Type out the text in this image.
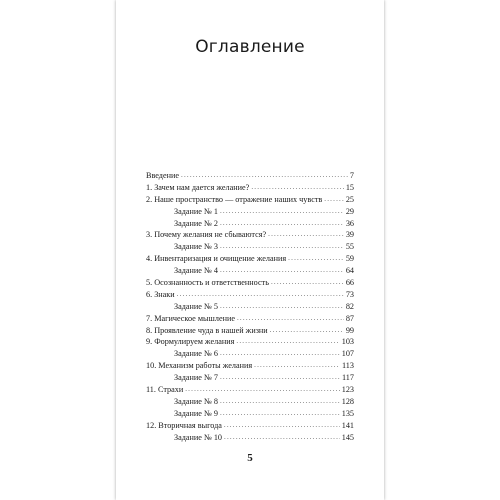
Оглавление
Введение .....	7
1. Зачем нам дается желание? .....	15
2. Наше пространство — отражение наших чувств .....	25
Задание № 1 .....	29
Задание № 2 .....	36
3. Почему желания не сбываются? .....	39
Задание № 3 .....	55
4. Инвентаризация и очищение желания .....	59
Задание № 4 .....	64
5. Осознанность и ответственность .....	66
6. Знаки .....	73
Задание № 5 .....	82
7. Магическое мышление .....	87
8. Проявление чуда в нашей жизни .....	99
9. Формулируем желания .....	103
Задание № 6 .....	107
10. Механизм работы желания .....	113
Задание № 7 .....	117
11. Страхи .....	123
Задание № 8 .....	128
Задание № 9 .....	135
12. Вторичная выгода .....	141
Задание № 10 .....	145
5
